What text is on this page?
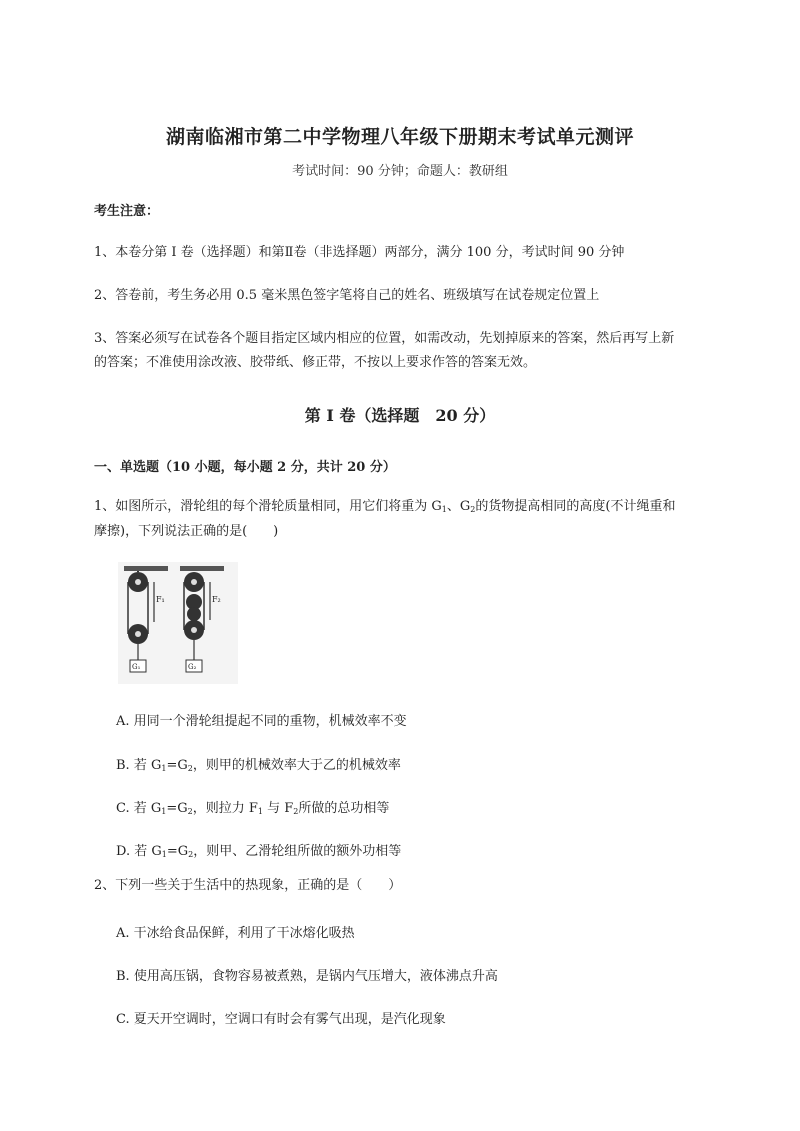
湖南临湘市第二中学物理八年级下册期末考试单元测评
考试时间：90 分钟；命题人：教研组
考生注意：
1、本卷分第 I 卷（选择题）和第Ⅱ卷（非选择题）两部分，满分 100 分，考试时间 90 分钟
2、答卷前，考生务必用 0.5 毫米黑色签字笔将自己的姓名、班级填写在试卷规定位置上
3、答案必须写在试卷各个题目指定区域内相应的位置，如需改动，先划掉原来的答案，然后再写上新
的答案；不准使用涂改液、胶带纸、修正带，不按以上要求作答的答案无效。
第 I 卷（选择题　20 分）
一、单选题（10 小题，每小题 2 分，共计 20 分）
1、如图所示，滑轮组的每个滑轮质量相同，用它们将重为 $G_1$、$G_2$的货物提高相同的高度(不计绳重和
摩擦)，下列说法正确的是(　　)
F₁
G₁
F₂
G₂
A. 用同一个滑轮组提起不同的重物，机械效率不变
B. 若 $G_1=G_2$，则甲的机械效率大于乙的机械效率
C. 若 $G_1=G_2$，则拉力 $F_1$ 与 $F_2$所做的总功相等
D. 若 $G_1=G_2$，则甲、乙滑轮组所做的额外功相等
2、下列一些关于生活中的热现象，正确的是（　　）
A. 干冰给食品保鲜，利用了干冰熔化吸热
B. 使用高压锅，食物容易被煮熟，是锅内气压增大，液体沸点升高
C. 夏天开空调时，空调口有时会有雾气出现，是汽化现象
